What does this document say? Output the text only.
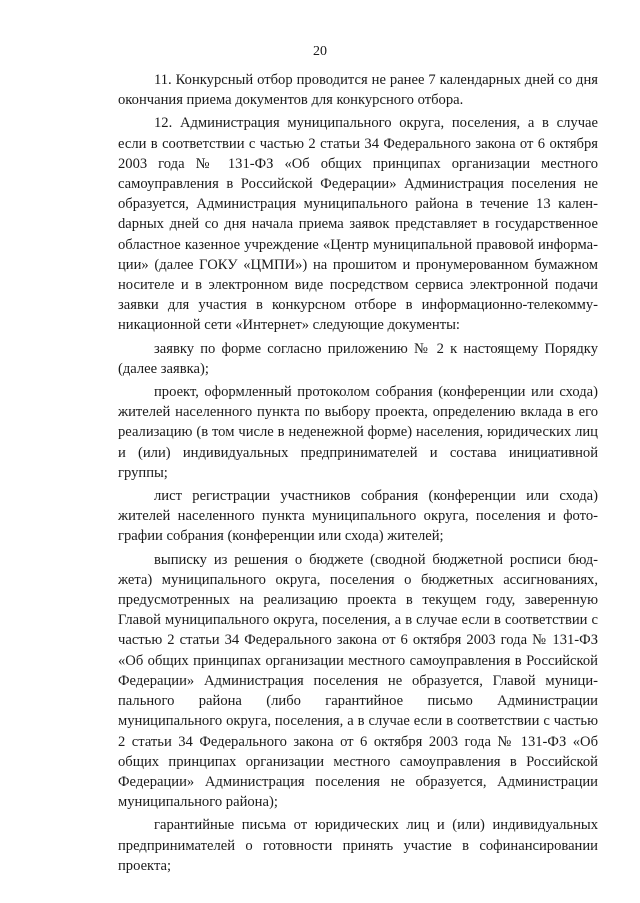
20

11. Конкурсный отбор проводится не ранее 7 календарных дней со дня окончания приема документов для конкурсного отбора.

12. Администрация муниципального округа, поселения, а в случае если в соответствии с частью 2 статьи 34 Федерального закона от 6 октября 2003 года № 131-ФЗ «Об общих принципах организации местного самоуправления в Российской Федерации» Администрация поселения не образуется, Администрация муниципального района в течение 13 каленdарных дней со дня начала приема заявок представляет в государственное областное казенное учреждение «Центр муниципальной правовой информации» (далее ГОКУ «ЦМПИ») на прошитом и пронумерованном бумажном носителе и в электронном виде посредством сервиса электронной подачи заявки для участия в конкурсном отборе в информационно-телекоммуникационной сети «Интернет» следующие документы:

заявку по форме согласно приложению № 2 к настоящему Порядку (далее заявка);

проект, оформленный протоколом собрания (конференции или схода) жителей населенного пункта по выбору проекта, определению вклада в его реализацию (в том числе в неденежной форме) населения, юридических лиц и (или) индивидуальных предпринимателей и состава инициативной группы;

лист регистрации участников собрания (конференции или схода) жителей населенного пункта муниципального округа, поселения и фотографии собрания (конференции или схода) жителей;

выписку из решения о бюджете (сводной бюджетной росписи бюджета) муниципального округа, поселения о бюджетных ассигнованиях, предусмотренных на реализацию проекта в текущем году, заверенную Главой муниципального округа, поселения, а в случае если в соответствии с частью 2 статьи 34 Федерального закона от 6 октября 2003 года № 131-ФЗ «Об общих принципах организации местного самоуправления в Российской Федерации» Администрация поселения не образуется, Главой муниципального района (либо гарантийное письмо Администрации муниципального округа, поселения, а в случае если в соответствии с частью 2 статьи 34 Федерального закона от 6 октября 2003 года № 131-ФЗ «Об общих принципах организации местного самоуправления в Российской Федерации» Администрация поселения не образуется, Администрации муниципального района);

гарантийные письма от юридических лиц и (или) индивидуальных предпринимателей о готовности принять участие в софинансировании проекта;
